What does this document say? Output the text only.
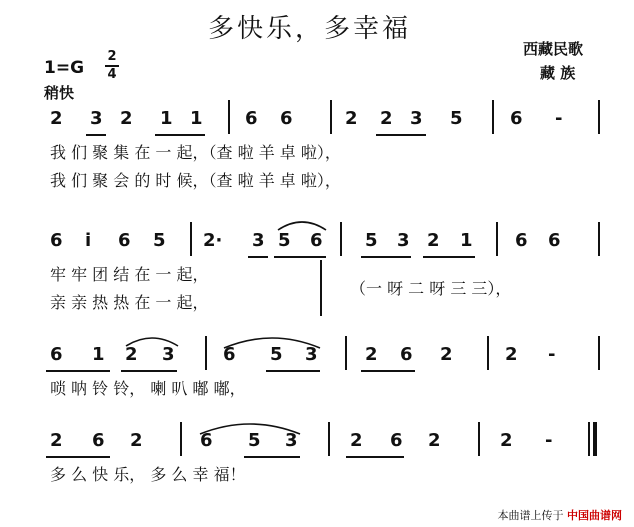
多快乐，多幸福
西藏民歌
藏 族
1=G
2
4
稍快
2 3 2 1 1 6 6	2 2 3 5	6 -
我 们 聚 集 在 一 起，（查 啦 羊 卓 啦），
我 们 聚 会 的 时 候，（查 啦 羊 卓 啦），
6 i 6 5 2· 3 5 6 5 3 2 1 6 6
牢 牢 团 结 在 一 起，
亲 亲 热 热 在 一 起，
（一 呀 二 呀 三 三），
6 1 2 3	6 5 3	2 6 2	2 -
唢 呐 铃 铃， 喇 叭 嘟 嘟，
2 6 2	6 5 3	2 6 2	2 -
多 么 快 乐， 多 么 幸 福！
本曲谱上传于 中国曲谱网
